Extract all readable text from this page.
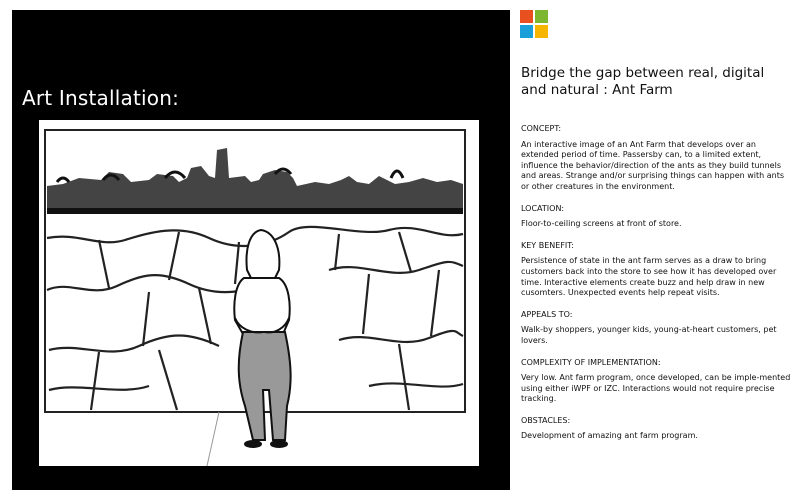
Art Installation:
Bridge the gap between real, digital and natural : Ant Farm

CONCEPT:

An interactive image of an Ant Farm that develops over an extended period of time. Passersby can, to a limited extent, influence the behavior/direction of the ants as they build tunnels and areas. Strange and/or surprising things can happen with ants or other creatures in the environment.

LOCATION:

Floor-to-ceiling screens at front of store.

KEY BENEFIT:

Persistence of state in the ant farm serves as a draw to bring customers back into the store to see how it has developed over time. Interactive elements create buzz and help draw in new cusomters. Unexpected events help repeat visits.

APPEALS TO:

Walk-by shoppers, younger kids, young-at-heart customers, pet lovers.

COMPLEXITY OF IMPLEMENTATION:

Very low. Ant farm program, once developed, can be imple-mented using either iWPF or IZC. Interactions would not require precise tracking.

OBSTACLES:

Development of amazing ant farm program.
